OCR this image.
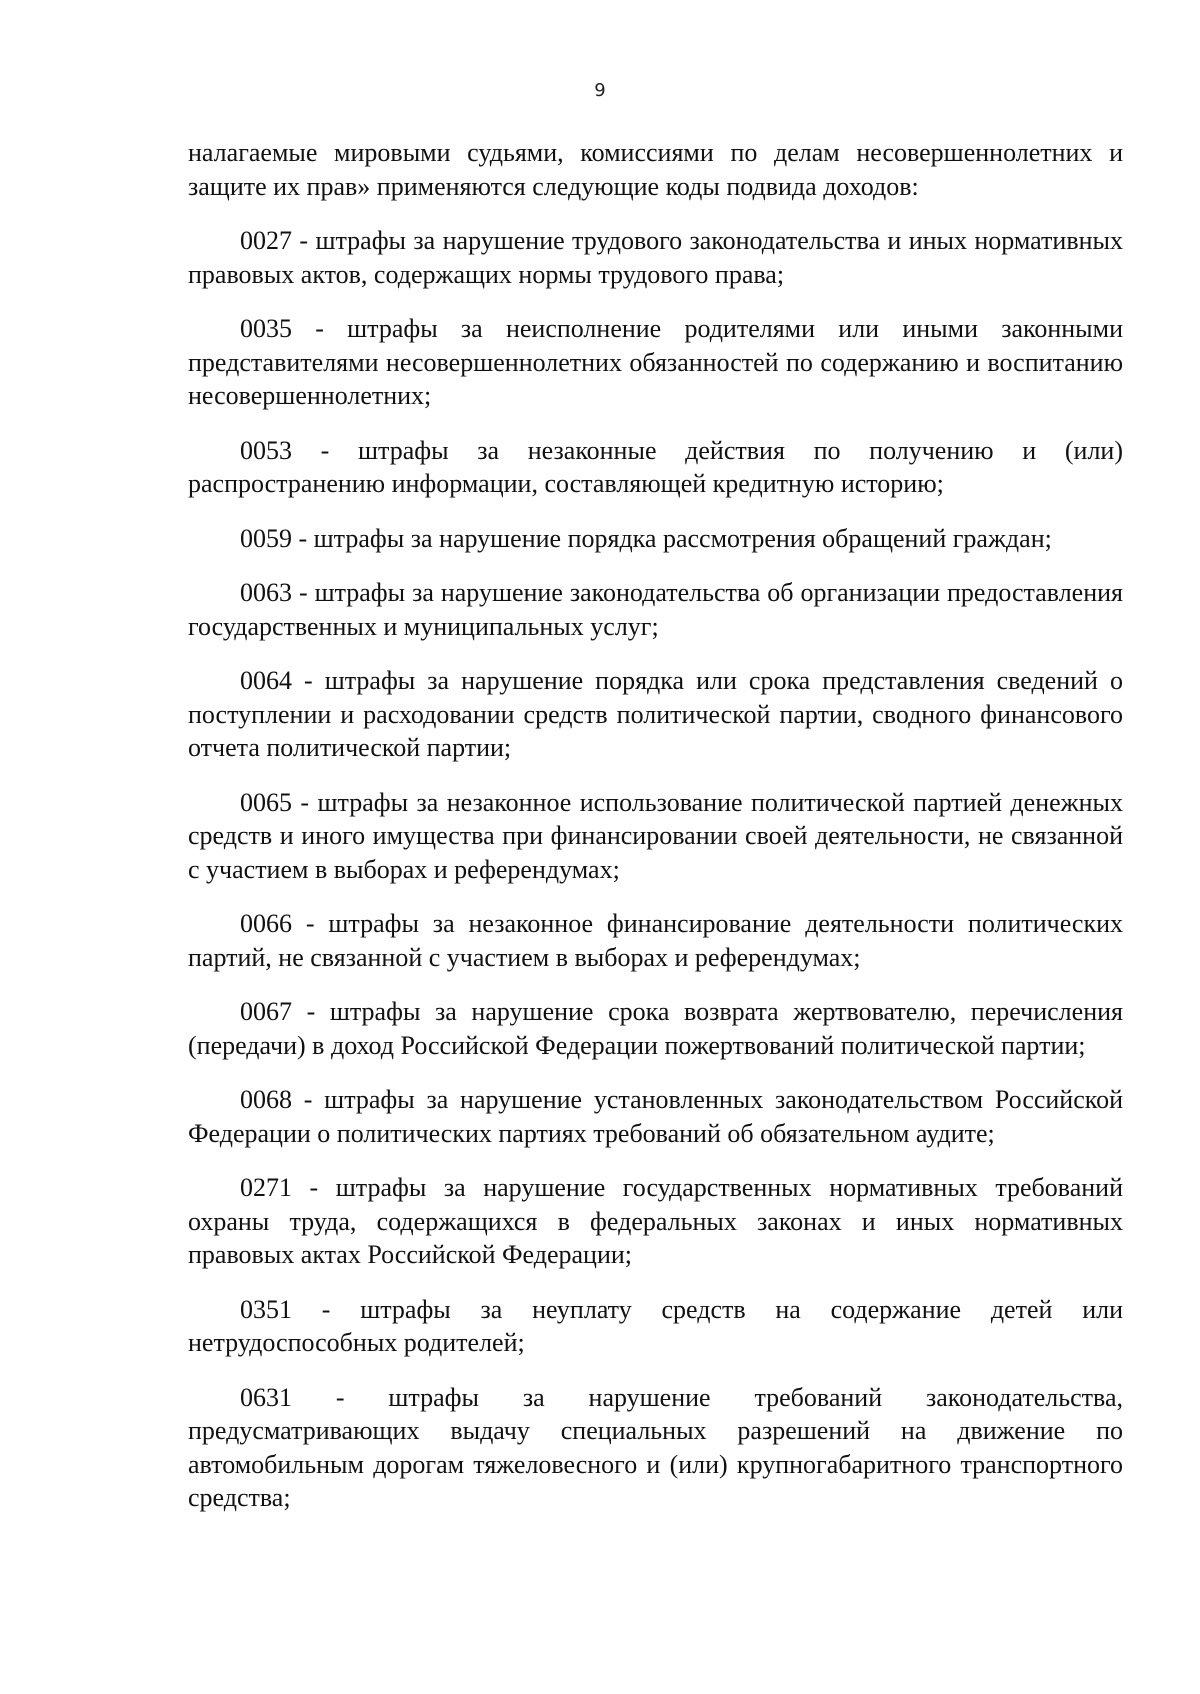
9

налагаемые мировыми судьями, комиссиями по делам несовершеннолетних и защите их прав» применяются следующие коды подвида доходов:

0027 - штрафы за нарушение трудового законодательства и иных нормативных правовых актов, содержащих нормы трудового права;

0035 - штрафы за неисполнение родителями или иными законными представителями несовершеннолетних обязанностей по содержанию и воспитанию несовершеннолетних;

0053 - штрафы за незаконные действия по получению и (или) распространению информации, составляющей кредитную историю;

0059 - штрафы за нарушение порядка рассмотрения обращений граждан;

0063 - штрафы за нарушение законодательства об организации предоставления государственных и муниципальных услуг;

0064 - штрафы за нарушение порядка или срока представления сведений о поступлении и расходовании средств политической партии, сводного финансового отчета политической партии;

0065 - штрафы за незаконное использование политической партией денежных средств и иного имущества при финансировании своей деятельности, не связанной с участием в выборах и референдумах;

0066 - штрафы за незаконное финансирование деятельности политических партий, не связанной с участием в выборах и референдумах;

0067 - штрафы за нарушение срока возврата жертвователю, перечисления (передачи) в доход Российской Федерации пожертвований политической партии;

0068 - штрафы за нарушение установленных законодательством Российской Федерации о политических партиях требований об обязательном аудите;

0271 - штрафы за нарушение государственных нормативных требований охраны труда, содержащихся в федеральных законах и иных нормативных правовых актах Российской Федерации;

0351 - штрафы за неуплату средств на содержание детей или нетрудоспособных родителей;

0631 - штрафы за нарушение требований законодательства, предусматривающих выдачу специальных разрешений на движение по автомобильным дорогам тяжеловесного и (или) крупногабаритного транспортного средства;
